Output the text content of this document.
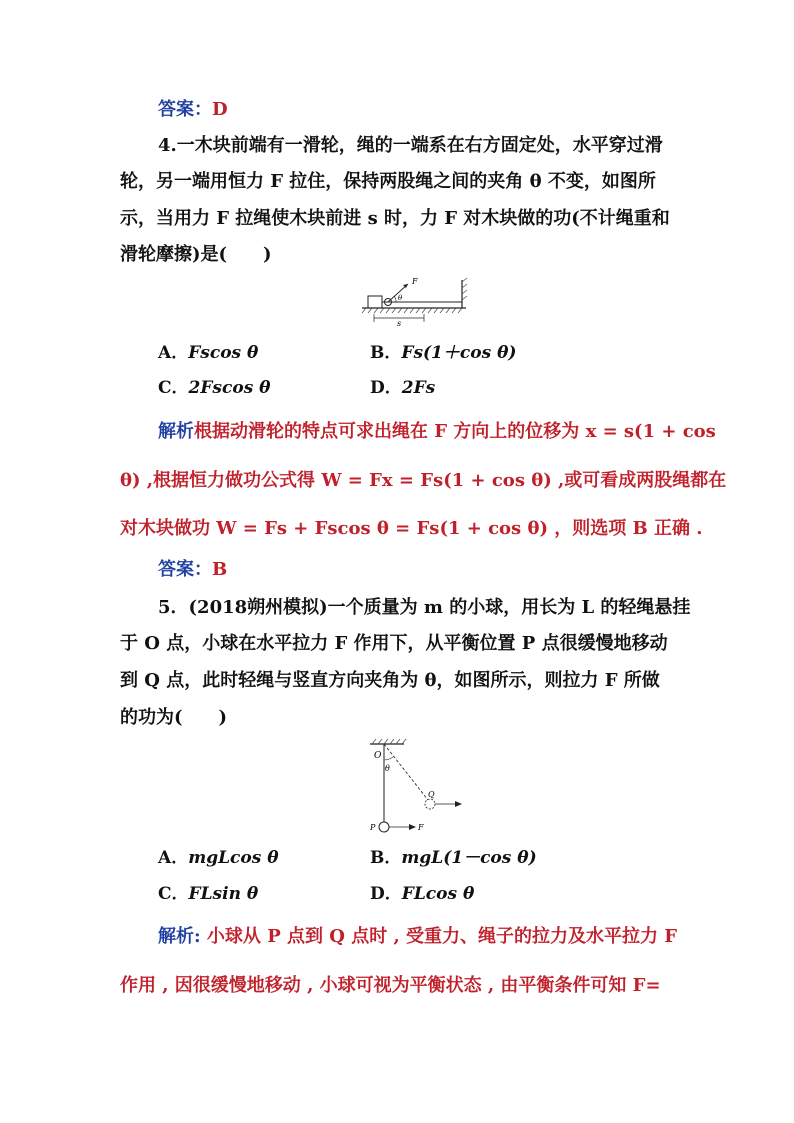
答案：D
4.一木块前端有一滑轮，绳的一端系在右方固定处，水平穿过滑
轮，另一端用恒力 F 拉住，保持两股绳之间的夹角 θ 不变，如图所
示，当用力 F 拉绳使木块前进 s 时，力 F 对木块做的功(不计绳重和
滑轮摩擦)是(　　)
F
θ
s
A．Fscos θ	B．Fs(1＋cos θ)
C．2Fscos θ	D．2Fs
解析根据动滑轮的特点可求出绳在 F 方向上的位移为 x = s(1 + cos
θ) ,根据恒力做功公式得 W = Fx = Fs(1 + cos θ) ,或可看成两股绳都在
对木块做功 W = Fs + Fscos θ = Fs(1 + cos θ) ，则选项 B 正确 .
答案：B
5．(2018朔州模拟)一个质量为 m 的小球，用长为 L 的轻绳悬挂
于 O 点，小球在水平拉力 F 作用下，从平衡位置 P 点很缓慢地移动
到 Q 点，此时轻绳与竖直方向夹角为 θ，如图所示，则拉力 F 所做
的功为(　　)
O
θ
Q
P	F
A．mgLcos θ	B．mgL(1－cos θ)
C．FLsin θ	D．FLcos θ
解析: 小球从 P 点到 Q 点时 , 受重力、绳子的拉力及水平拉力 F
作用 , 因很缓慢地移动 , 小球可视为平衡状态 , 由平衡条件可知 F=
